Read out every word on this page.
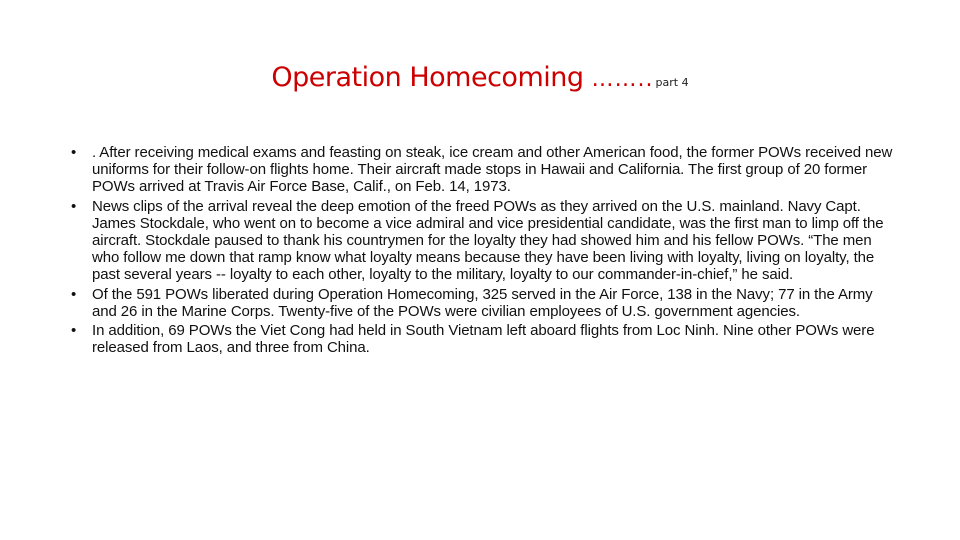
Operation Homecoming …….. part 4
• . After receiving medical exams and feasting on steak, ice cream and other American food, the former POWs received new uniforms for their follow-on flights home. Their aircraft made stops in Hawaii and California. The first group of 20 former POWs arrived at Travis Air Force Base, Calif., on Feb. 14, 1973.
• News clips of the arrival reveal the deep emotion of the freed POWs as they arrived on the U.S. mainland. Navy Capt. James Stockdale, who went on to become a vice admiral and vice presidential candidate, was the first man to limp off the aircraft. Stockdale paused to thank his countrymen for the loyalty they had showed him and his fellow POWs. “The men who follow me down that ramp know what loyalty means because they have been living with loyalty, living on loyalty, the past several years -- loyalty to each other, loyalty to the military, loyalty to our commander-in-chief,” he said.
• Of the 591 POWs liberated during Operation Homecoming, 325 served in the Air Force, 138 in the Navy; 77 in the Army and 26 in the Marine Corps. Twenty-five of the POWs were civilian employees of U.S. government agencies.
• In addition, 69 POWs the Viet Cong had held in South Vietnam left aboard flights from Loc Ninh. Nine other POWs were released from Laos, and three from China.
